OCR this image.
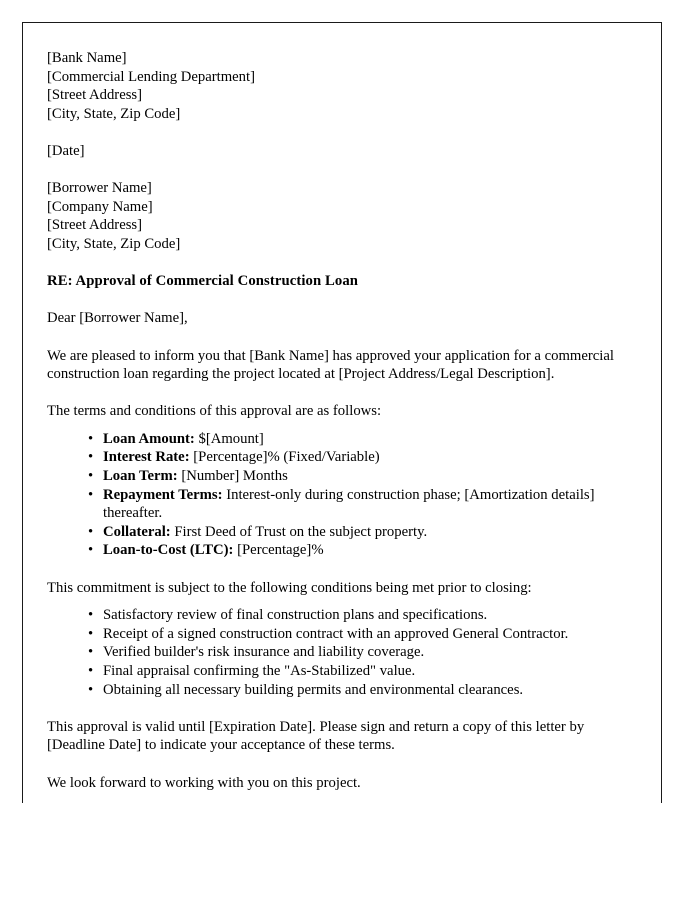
[Bank Name]
[Commercial Lending Department]
[Street Address]
[City, State, Zip Code]
[Date]
[Borrower Name]
[Company Name]
[Street Address]
[City, State, Zip Code]
RE: Approval of Commercial Construction Loan
Dear [Borrower Name],
We are pleased to inform you that [Bank Name] has approved your application for a commercial construction loan regarding the project located at [Project Address/Legal Description].
The terms and conditions of this approval are as follows:
• Loan Amount: $[Amount]
• Interest Rate: [Percentage]% (Fixed/Variable)
• Loan Term: [Number] Months
• Repayment Terms: Interest-only during construction phase; [Amortization details] thereafter.
• Collateral: First Deed of Trust on the subject property.
• Loan-to-Cost (LTC): [Percentage]%
This commitment is subject to the following conditions being met prior to closing:
• Satisfactory review of final construction plans and specifications.
• Receipt of a signed construction contract with an approved General Contractor.
• Verified builder's risk insurance and liability coverage.
• Final appraisal confirming the "As-Stabilized" value.
• Obtaining all necessary building permits and environmental clearances.
This approval is valid until [Expiration Date]. Please sign and return a copy of this letter by [Deadline Date] to indicate your acceptance of these terms.
We look forward to working with you on this project.
